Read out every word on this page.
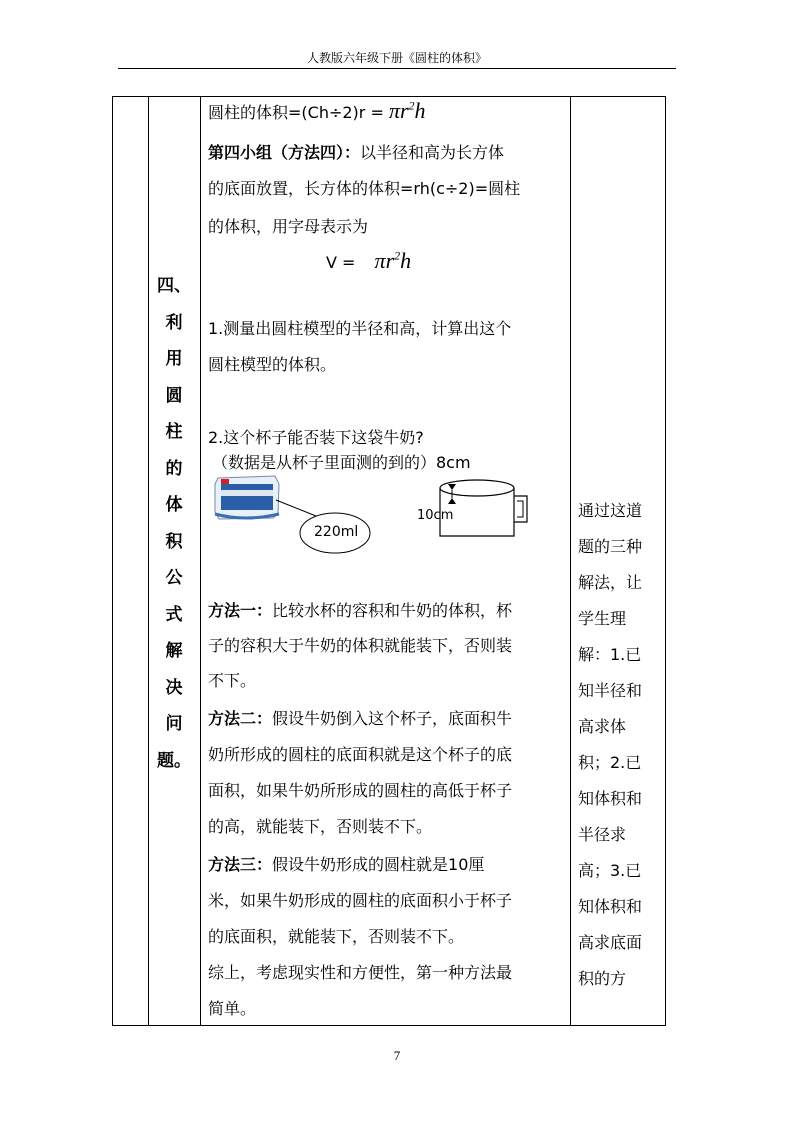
人教版六年级下册《圆柱的体积》
四、
利
用
圆
柱
的
体
积
公
式
解
决
问
题。
圆柱的体积$=(Ch\div 2)r = \pi r^2h$
第四小组（方法四）：以半径和高为长方体
的底面放置，长方体的体积=rh(c÷2)=圆柱
的体积，用字母表示为
$V = \pi r^2h$
1.测量出圆柱模型的半径和高，计算出这个
圆柱模型的体积。
2.这个杯子能否装下这袋牛奶?
（数据是从杯子里面测的到的）8cm
220ml
10cm
方法一：比较水杯的容积和牛奶的体积，杯
子的容积大于牛奶的体积就能装下，否则装
不下。
方法二：假设牛奶倒入这个杯子，底面积牛
奶所形成的圆柱的底面积就是这个杯子的底
面积，如果牛奶所形成的圆柱的高低于杯子
的高，就能装下，否则装不下。
方法三：假设牛奶形成的圆柱就是10厘
米，如果牛奶形成的圆柱的底面积小于杯子
的底面积，就能装下，否则装不下。
综上，考虑现实性和方便性，第一种方法最
简单。
通过这道
题的三种
解法，让
学生理
解：1.已
知半径和
高求体
积；2.已
知体积和
半径求
高；3.已
知体积和
高求底面
积的方
7
